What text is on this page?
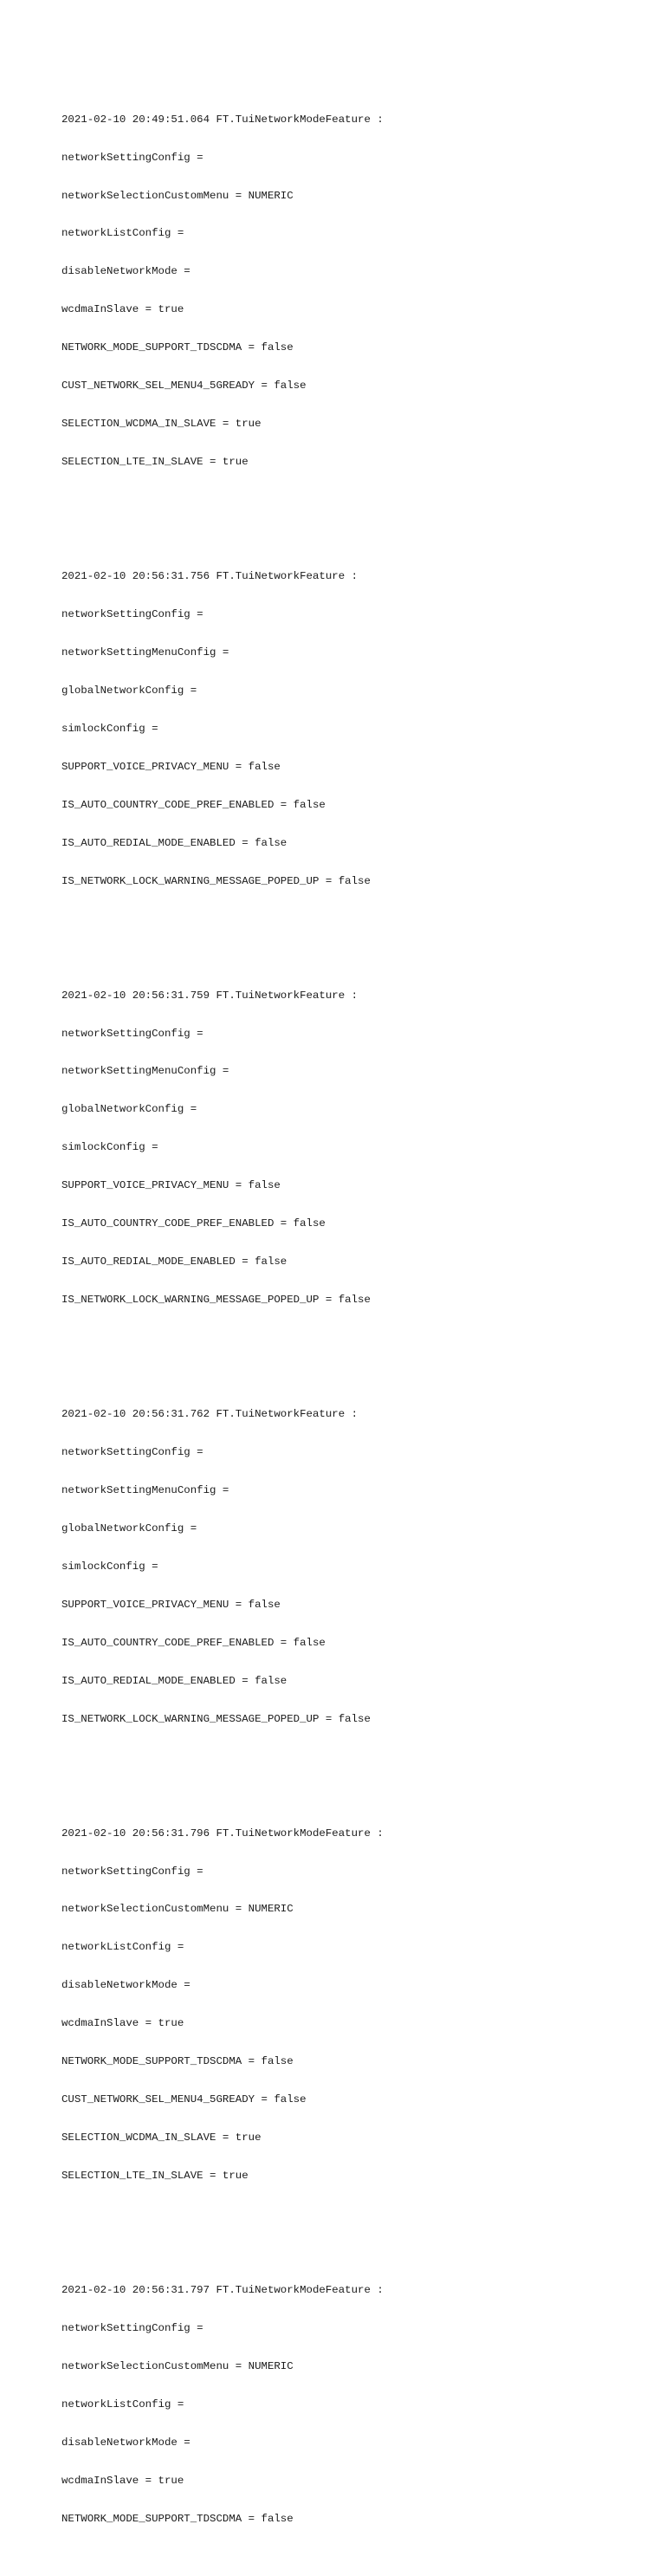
2021-02-10 20:49:51.064 FT.TuiNetworkModeFeature :

networkSettingConfig =

networkSelectionCustomMenu = NUMERIC

networkListConfig =

disableNetworkMode =

wcdmaInSlave = true

NETWORK_MODE_SUPPORT_TDSCDMA = false

CUST_NETWORK_SEL_MENU4_5GREADY = false

SELECTION_WCDMA_IN_SLAVE = true

SELECTION_LTE_IN_SLAVE = true

2021-02-10 20:56:31.756 FT.TuiNetworkFeature :

networkSettingConfig =

networkSettingMenuConfig =

globalNetworkConfig =

simlockConfig =

SUPPORT_VOICE_PRIVACY_MENU = false

IS_AUTO_COUNTRY_CODE_PREF_ENABLED = false

IS_AUTO_REDIAL_MODE_ENABLED = false

IS_NETWORK_LOCK_WARNING_MESSAGE_POPED_UP = false

2021-02-10 20:56:31.759 FT.TuiNetworkFeature :

networkSettingConfig =

networkSettingMenuConfig =

globalNetworkConfig =

simlockConfig =

SUPPORT_VOICE_PRIVACY_MENU = false

IS_AUTO_COUNTRY_CODE_PREF_ENABLED = false

IS_AUTO_REDIAL_MODE_ENABLED = false

IS_NETWORK_LOCK_WARNING_MESSAGE_POPED_UP = false

2021-02-10 20:56:31.762 FT.TuiNetworkFeature :

networkSettingConfig =

networkSettingMenuConfig =

globalNetworkConfig =

simlockConfig =

SUPPORT_VOICE_PRIVACY_MENU = false

IS_AUTO_COUNTRY_CODE_PREF_ENABLED = false

IS_AUTO_REDIAL_MODE_ENABLED = false

IS_NETWORK_LOCK_WARNING_MESSAGE_POPED_UP = false

2021-02-10 20:56:31.796 FT.TuiNetworkModeFeature :

networkSettingConfig =

networkSelectionCustomMenu = NUMERIC

networkListConfig =

disableNetworkMode =

wcdmaInSlave = true

NETWORK_MODE_SUPPORT_TDSCDMA = false

CUST_NETWORK_SEL_MENU4_5GREADY = false

SELECTION_WCDMA_IN_SLAVE = true

SELECTION_LTE_IN_SLAVE = true

2021-02-10 20:56:31.797 FT.TuiNetworkModeFeature :

networkSettingConfig =

networkSelectionCustomMenu = NUMERIC

networkListConfig =

disableNetworkMode =

wcdmaInSlave = true

NETWORK_MODE_SUPPORT_TDSCDMA = false
